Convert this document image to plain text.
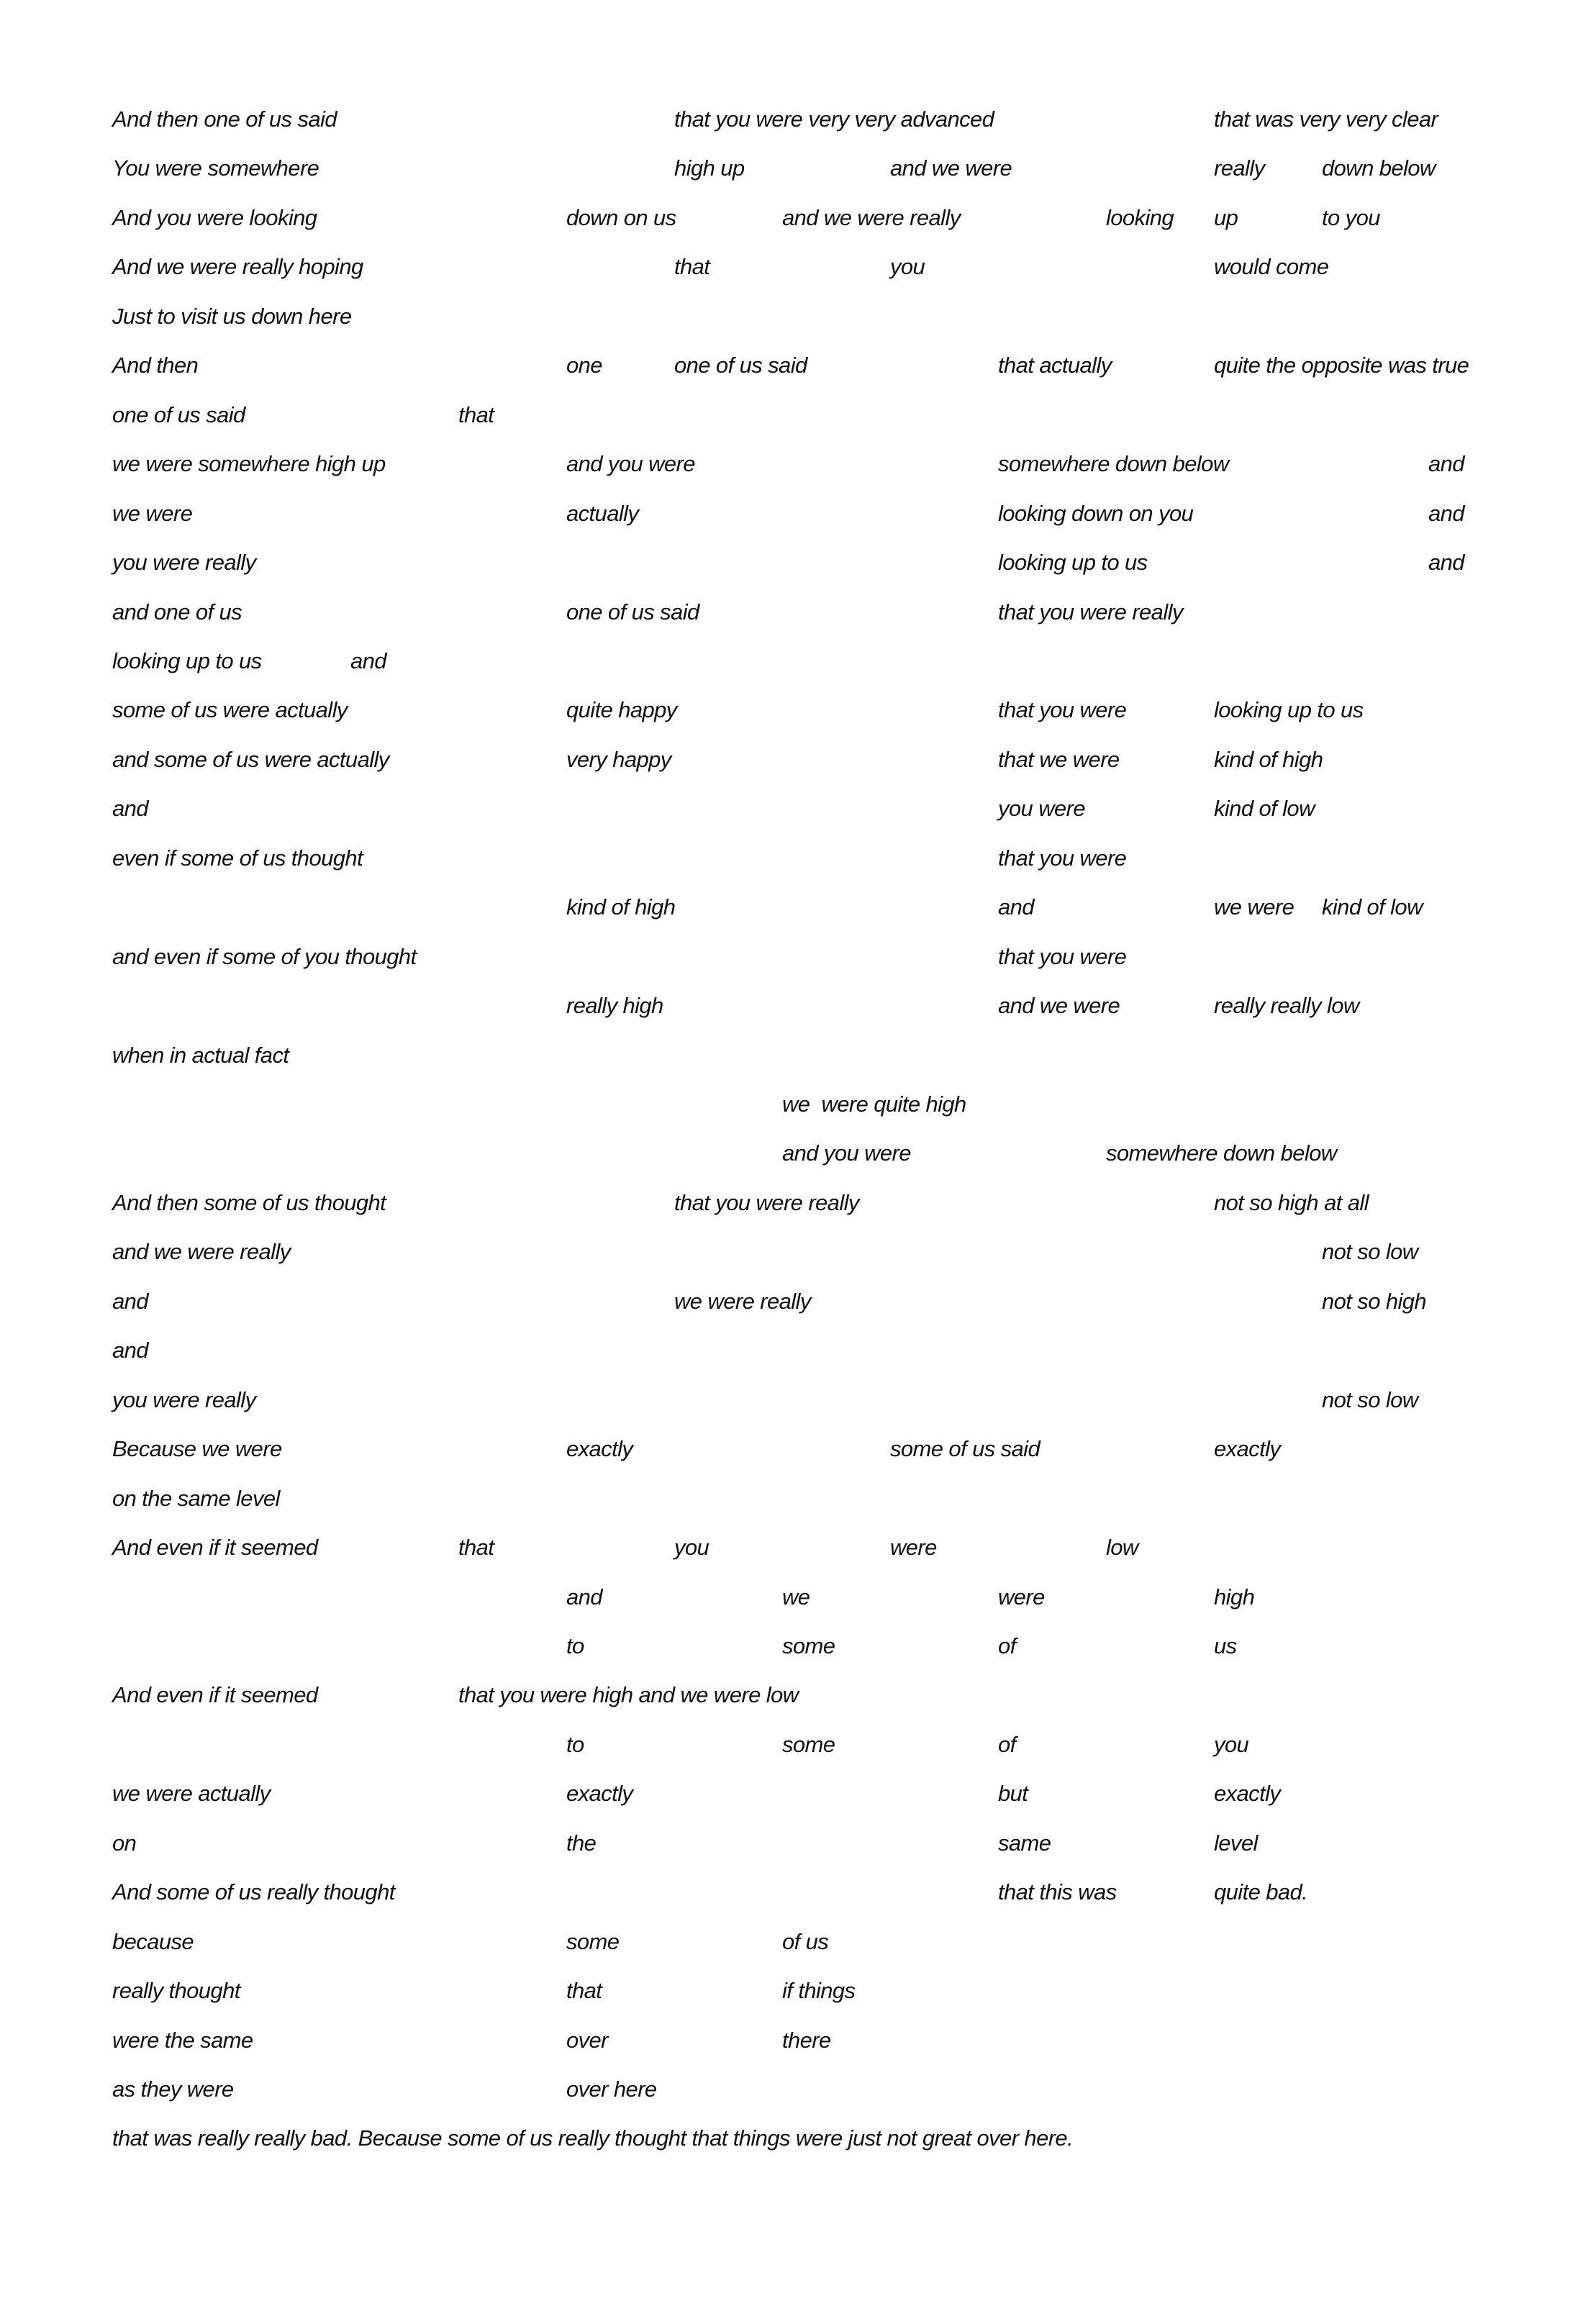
And then one of us said	that you were very very advanced	that was very very clear
You were somewhere	high up	and we were	really	down below
And you were looking	down on us	and we were really	looking up	to you
And we were really hoping	that	you	would come
Just to visit us down here
And then	one	one of us said	that actually	quite the opposite was true
one of us said	that
we were somewhere high up	and you were	somewhere down below	and
we were	actually	looking down on you	and
you were really	looking up to us	and
and one of us	one of us said	that you were really
looking up to us	and
some of us were actually	quite happy	that you were	looking up to us
and some of us were actually	very happy	that we were	kind of high
and	you were	kind of low
even if some of us thought	that you were
kind of high	and	we were kind of low
and even if some of you thought	that you were
really high	and we were	really really low
when in actual fact
we  were quite high
and you were	somewhere down below
And then some of us thought	that you were really	not so high at all
and we were really	not so low
and	we were really	not so high
and
you were really	not so low
Because we were	exactly	some of us said	exactly
on the same level
And even if it seemed	that	you	were	low
and	we	were	high
to	some	of	us
And even if it seemed	that you were high and we were low
to	some	of	you
we were actually	exactly	but	exactly
on	the	same	level
And some of us really thought	that this was	quite bad.
because	some	of us
really thought	that	if things
were the same	over	there
as they were	over here
that was really really bad. Because some of us really thought that things were just not great over here.
